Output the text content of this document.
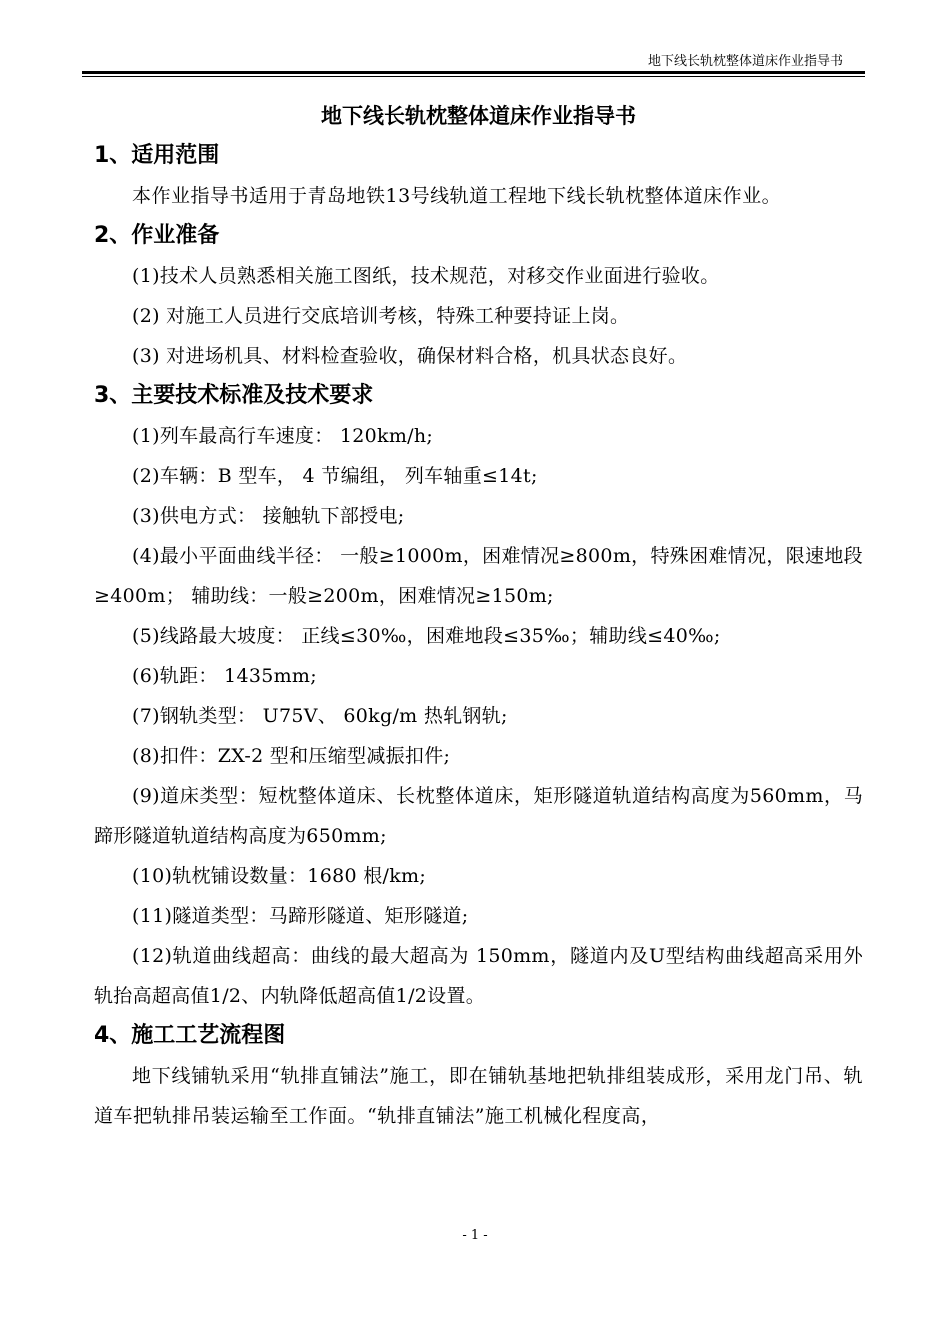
地下线长轨枕整体道床作业指导书
地下线长轨枕整体道床作业指导书
1、适用范围
本作业指导书适用于青岛地铁13号线轨道工程地下线长轨枕整体道床作业。
2、作业准备
(1)技术人员熟悉相关施工图纸，技术规范，对移交作业面进行验收。
(2) 对施工人员进行交底培训考核，特殊工种要持证上岗。
(3) 对进场机具、材料检查验收，确保材料合格，机具状态良好。
3、主要技术标准及技术要求
(1)列车最高行车速度： 120km/h;
(2)车辆：B 型车， 4 节编组， 列车轴重≤14t;
(3)供电方式： 接触轨下部授电;
(4)最小平面曲线半径： 一般≥1000m，困难情况≥800m，特殊困难情况，限速地段≥400m； 辅助线：一般≥200m，困难情况≥150m;
(5)线路最大坡度： 正线≤30‰，困难地段≤35‰；辅助线≤40‰;
(6)轨距： 1435mm;
(7)钢轨类型： U75V、 60kg/m 热轧钢轨;
(8)扣件：ZX-2 型和压缩型减振扣件;
(9)道床类型：短枕整体道床、长枕整体道床，矩形隧道轨道结构高度为560mm，马蹄形隧道轨道结构高度为650mm;
(10)轨枕铺设数量：1680 根/km;
(11)隧道类型：马蹄形隧道、矩形隧道;
(12)轨道曲线超高：曲线的最大超高为 150mm，隧道内及U型结构曲线超高采用外轨抬高超高值1/2、内轨降低超高值1/2设置。
4、施工工艺流程图
地下线铺轨采用“轨排直铺法”施工，即在铺轨基地把轨排组装成形，采用龙门吊、轨道车把轨排吊装运输至工作面。“轨排直铺法”施工机械化程度高，
- 1 -
